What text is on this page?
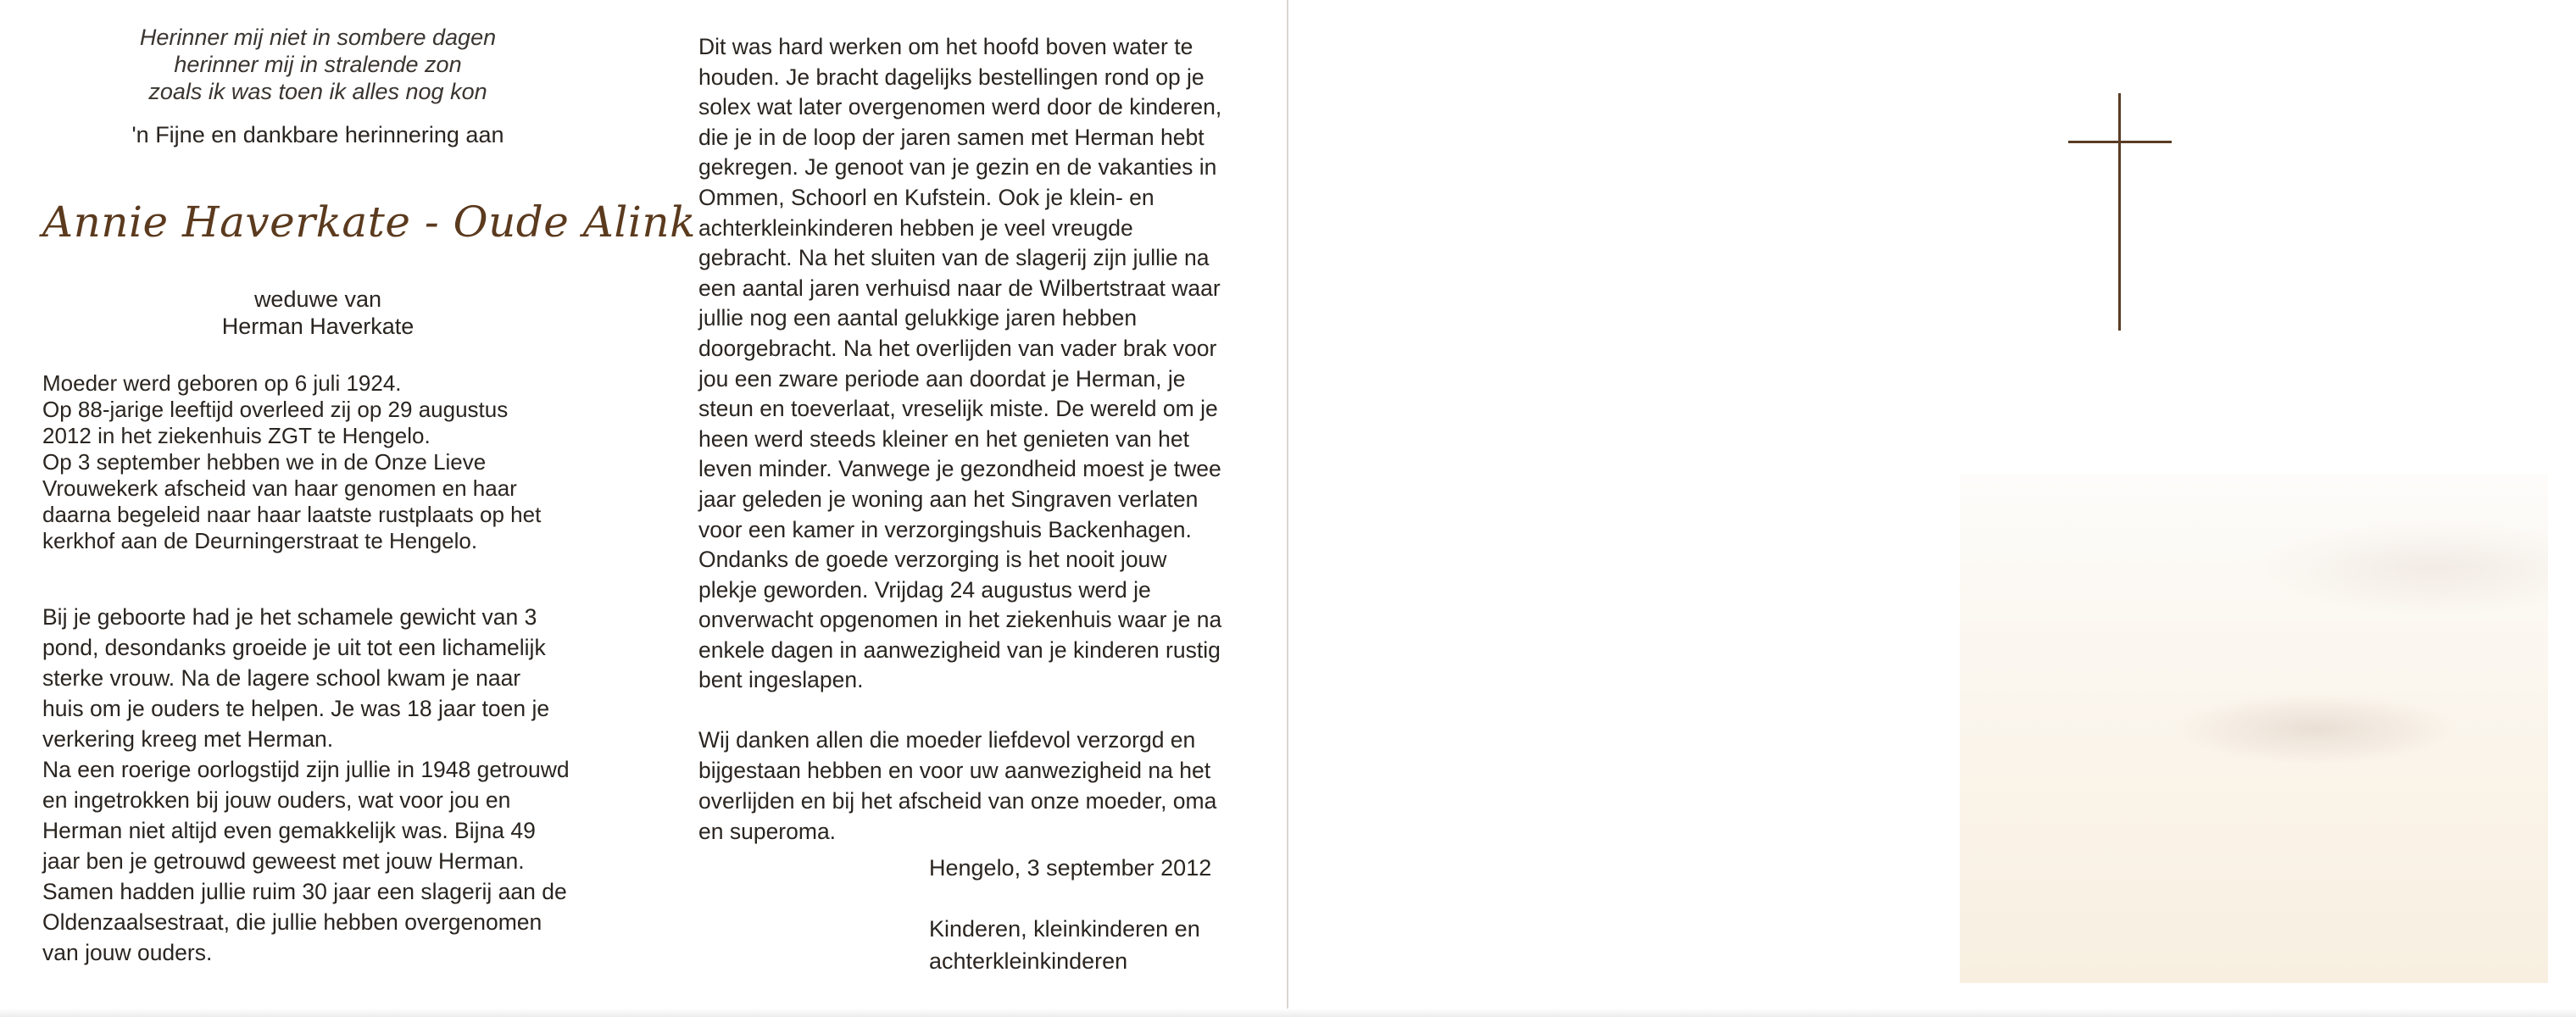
Herinner mij niet in sombere dagen
herinner mij in stralende zon
zoals ik was toen ik alles nog kon
'n Fijne en dankbare herinnering aan
Annie Haverkate - Oude Alink
weduwe van
Herman Haverkate
Moeder werd geboren op 6 juli 1924.
Op 88-jarige leeftijd overleed zij op 29 augustus
2012 in het ziekenhuis ZGT te Hengelo.
Op 3 september hebben we in de Onze Lieve
Vrouwekerk afscheid van haar genomen en haar
daarna begeleid naar haar laatste rustplaats op het
kerkhof aan de Deurningerstraat te Hengelo.
Bij je geboorte had je het schamele gewicht van 3
pond, desondanks groeide je uit tot een lichamelijk
sterke vrouw. Na de lagere school kwam je naar
huis om je ouders te helpen. Je was 18 jaar toen je
verkering kreeg met Herman.
Na een roerige oorlogstijd zijn jullie in 1948 getrouwd
en ingetrokken bij jouw ouders, wat voor jou en
Herman niet altijd even gemakkelijk was. Bijna 49
jaar ben je getrouwd geweest met jouw Herman.
Samen hadden jullie ruim 30 jaar een slagerij aan de
Oldenzaalsestraat, die jullie hebben overgenomen
van jouw ouders.
Dit was hard werken om het hoofd boven water te
houden. Je bracht dagelijks bestellingen rond op je
solex wat later overgenomen werd door de kinderen,
die je in de loop der jaren samen met Herman hebt
gekregen. Je genoot van je gezin en de vakanties in
Ommen, Schoorl en Kufstein. Ook je klein- en
achterkleinkinderen hebben je veel vreugde
gebracht. Na het sluiten van de slagerij zijn jullie na
een aantal jaren verhuisd naar de Wilbertstraat waar
jullie nog een aantal gelukkige jaren hebben
doorgebracht. Na het overlijden van vader brak voor
jou een zware periode aan doordat je Herman, je
steun en toeverlaat, vreselijk miste. De wereld om je
heen werd steeds kleiner en het genieten van het
leven minder. Vanwege je gezondheid moest je twee
jaar geleden je woning aan het Singraven verlaten
voor een kamer in verzorgingshuis Backenhagen.
Ondanks de goede verzorging is het nooit jouw
plekje geworden. Vrijdag 24 augustus werd je
onverwacht opgenomen in het ziekenhuis waar je na
enkele dagen in aanwezigheid van je kinderen rustig
bent ingeslapen.
Wij danken allen die moeder liefdevol verzorgd en
bijgestaan hebben en voor uw aanwezigheid na het
overlijden en bij het afscheid van onze moeder, oma
en superoma.
Hengelo, 3 september 2012
Kinderen, kleinkinderen en
achterkleinkinderen
